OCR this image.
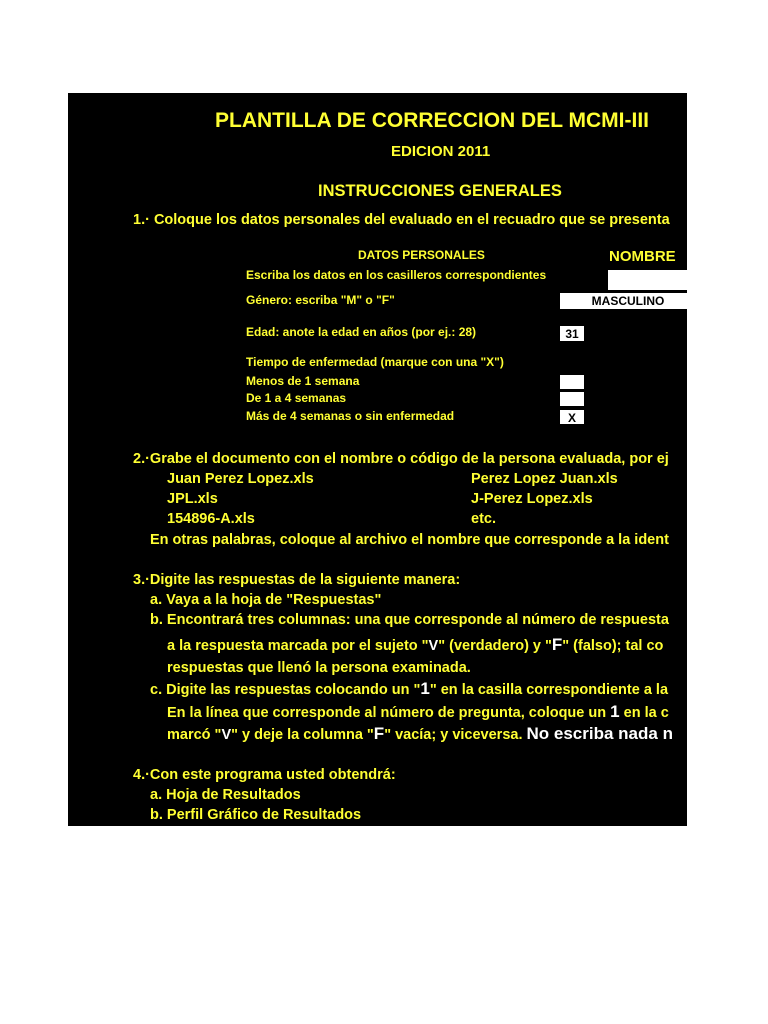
PLANTILLA DE CORRECCION DEL MCMI-III
EDICION 2011
INSTRUCCIONES GENERALES
1.· Coloque los datos personales del evaluado en el recuadro que se presenta
DATOS PERSONALES	NOMBRE
Escriba los datos en los casilleros correspondientes
Género: escriba "M" o "F"	MASCULINO
Edad: anote la edad en años (por ej.: 28)	31
Tiempo de enfermedad (marque con una "X")
Menos de 1 semana
De 1 a 4 semanas
Más de 4 semanas o sin enfermedad	X
2.·Grabe el documento con el nombre o código de la persona evaluada, por ej
Juan Perez Lopez.xls	Perez Lopez Juan.xls
JPL.xls	J-Perez Lopez.xls
154896-A.xls	etc.
En otras palabras, coloque al archivo el nombre que corresponde a la ident
3.·Digite las respuestas de la siguiente manera:
a. Vaya a la hoja de "Respuestas"
b. Encontrará tres columnas: una que corresponde al número de respuesta
a la respuesta marcada por el sujeto "V" (verdadero) y "F" (falso); tal co
respuestas que llenó la persona examinada.
c. Digite las respuestas colocando un "1" en la casilla correspondiente a la
En la línea que corresponde al número de pregunta, coloque un 1 en la c
marcó "V" y deje la columna "F" vacía; y viceversa. No escriba nada n
4.·Con este programa usted obtendrá:
a. Hoja de Resultados
b. Perfil Gráfico de Resultados
